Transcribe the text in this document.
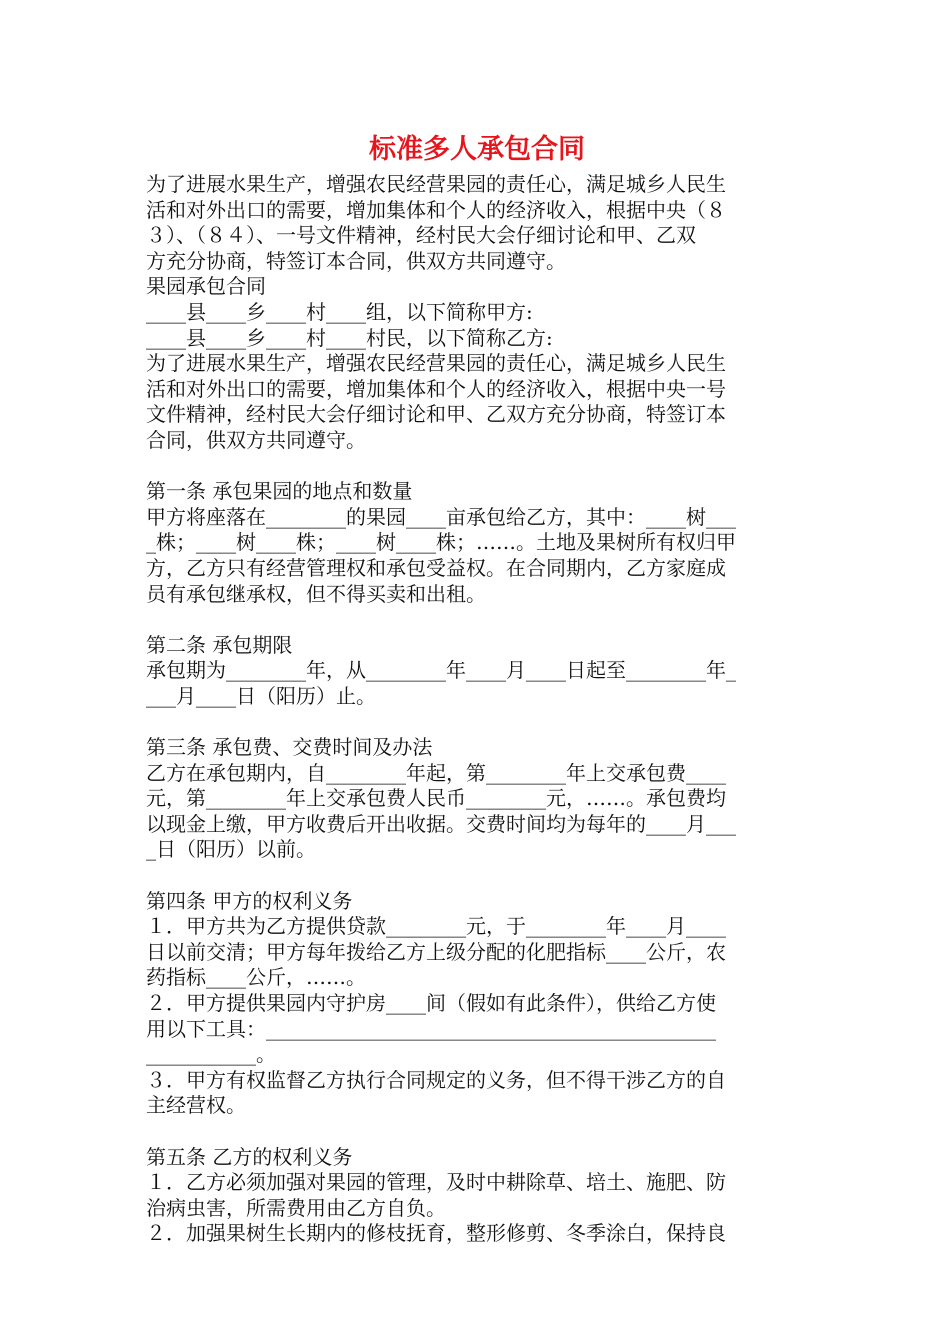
标准多人承包合同
为了进展水果生产，增强农民经营果园的责任心，满足城乡人民生
活和对外出口的需要，增加集体和个人的经济收入，根据中央（８
３）、（８４）、一号文件精神，经村民大会仔细讨论和甲、乙双
方充分协商，特签订本合同，供双方共同遵守。
果园承包合同
____县____乡____村____组，以下简称甲方:
____县____乡____村____村民，以下简称乙方:
为了进展水果生产，增强农民经营果园的责任心，满足城乡人民生
活和对外出口的需要，增加集体和个人的经济收入，根据中央一号
文件精神，经村民大会仔细讨论和甲、乙双方充分协商，特签订本
合同，供双方共同遵守。
第一条 承包果园的地点和数量
甲方将座落在________的果园____亩承包给乙方，其中：____树___
_株；____树____株；____树____株；……。土地及果树所有权归甲
方，乙方只有经营管理权和承包受益权。在合同期内，乙方家庭成
员有承包继承权，但不得买卖和出租。
第二条 承包期限
承包期为________年，从________年____月____日起至________年_
___月____日（阳历）止。
第三条 承包费、交费时间及办法
乙方在承包期内，自________年起，第________年上交承包费____
元，第________年上交承包费人民币________元，……。承包费均
以现金上缴，甲方收费后开出收据。交费时间均为每年的____月___
_日（阳历）以前。
第四条 甲方的权利义务
１．甲方共为乙方提供贷款________元，于________年____月____
日以前交清；甲方每年拨给乙方上级分配的化肥指标____公斤，农
药指标____公斤，……。
２．甲方提供果园内守护房____间（假如有此条件），供给乙方使
用以下工具：_____________________________________________
___________。
３．甲方有权监督乙方执行合同规定的义务，但不得干涉乙方的自
主经营权。
第五条 乙方的权利义务
１．乙方必须加强对果园的管理，及时中耕除草、培土、施肥、防
治病虫害，所需费用由乙方自负。
２．加强果树生长期内的修枝抚育，整形修剪、冬季涂白，保持良
